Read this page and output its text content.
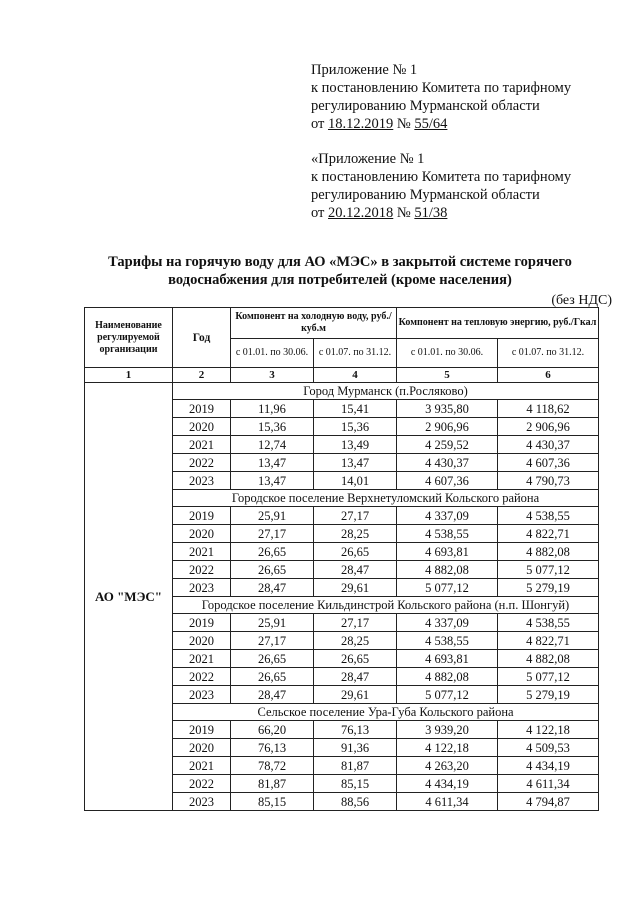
Приложение № 1
к постановлению Комитета по тарифному
регулированию Мурманской области
от 18.12.2019 № 55/64
«Приложение № 1
к постановлению Комитета по тарифному
регулированию Мурманской области
от 20.12.2018 № 51/38
Тарифы на горячую воду для АО «МЭС» в закрытой системе горячего
водоснабжения для потребителей (кроме населения)
(без НДС)
Наименование регулируемой организации	Год	Компонент на холодную воду, руб./куб.м		Компонент на тепловую энергию, руб./Гкал	
		с 01.01. по 30.06.	с 01.07. по 31.12.	с 01.01. по 30.06.	с 01.07. по 31.12.
1	2	3	4	5	6
АО "МЭС"	Город Мурманск (п.Росляково)				
	2019	11,96	15,41	3 935,80	4 118,62
	2020	15,36	15,36	2 906,96	2 906,96
	2021	12,74	13,49	4 259,52	4 430,37
	2022	13,47	13,47	4 430,37	4 607,36
	2023	13,47	14,01	4 607,36	4 790,73
	Городское поселение Верхнетуломский Кольского района				
	2019	25,91	27,17	4 337,09	4 538,55
	2020	27,17	28,25	4 538,55	4 822,71
	2021	26,65	26,65	4 693,81	4 882,08
	2022	26,65	28,47	4 882,08	5 077,12
	2023	28,47	29,61	5 077,12	5 279,19
	Городское поселение Кильдинстрой Кольского района (н.п. Шонгуй)				
	2019	25,91	27,17	4 337,09	4 538,55
	2020	27,17	28,25	4 538,55	4 822,71
	2021	26,65	26,65	4 693,81	4 882,08
	2022	26,65	28,47	4 882,08	5 077,12
	2023	28,47	29,61	5 077,12	5 279,19
	Сельское поселение Ура-Губа Кольского района				
	2019	66,20	76,13	3 939,20	4 122,18
	2020	76,13	91,36	4 122,18	4 509,53
	2021	78,72	81,87	4 263,20	4 434,19
	2022	81,87	85,15	4 434,19	4 611,34
	2023	85,15	88,56	4 611,34	4 794,87
